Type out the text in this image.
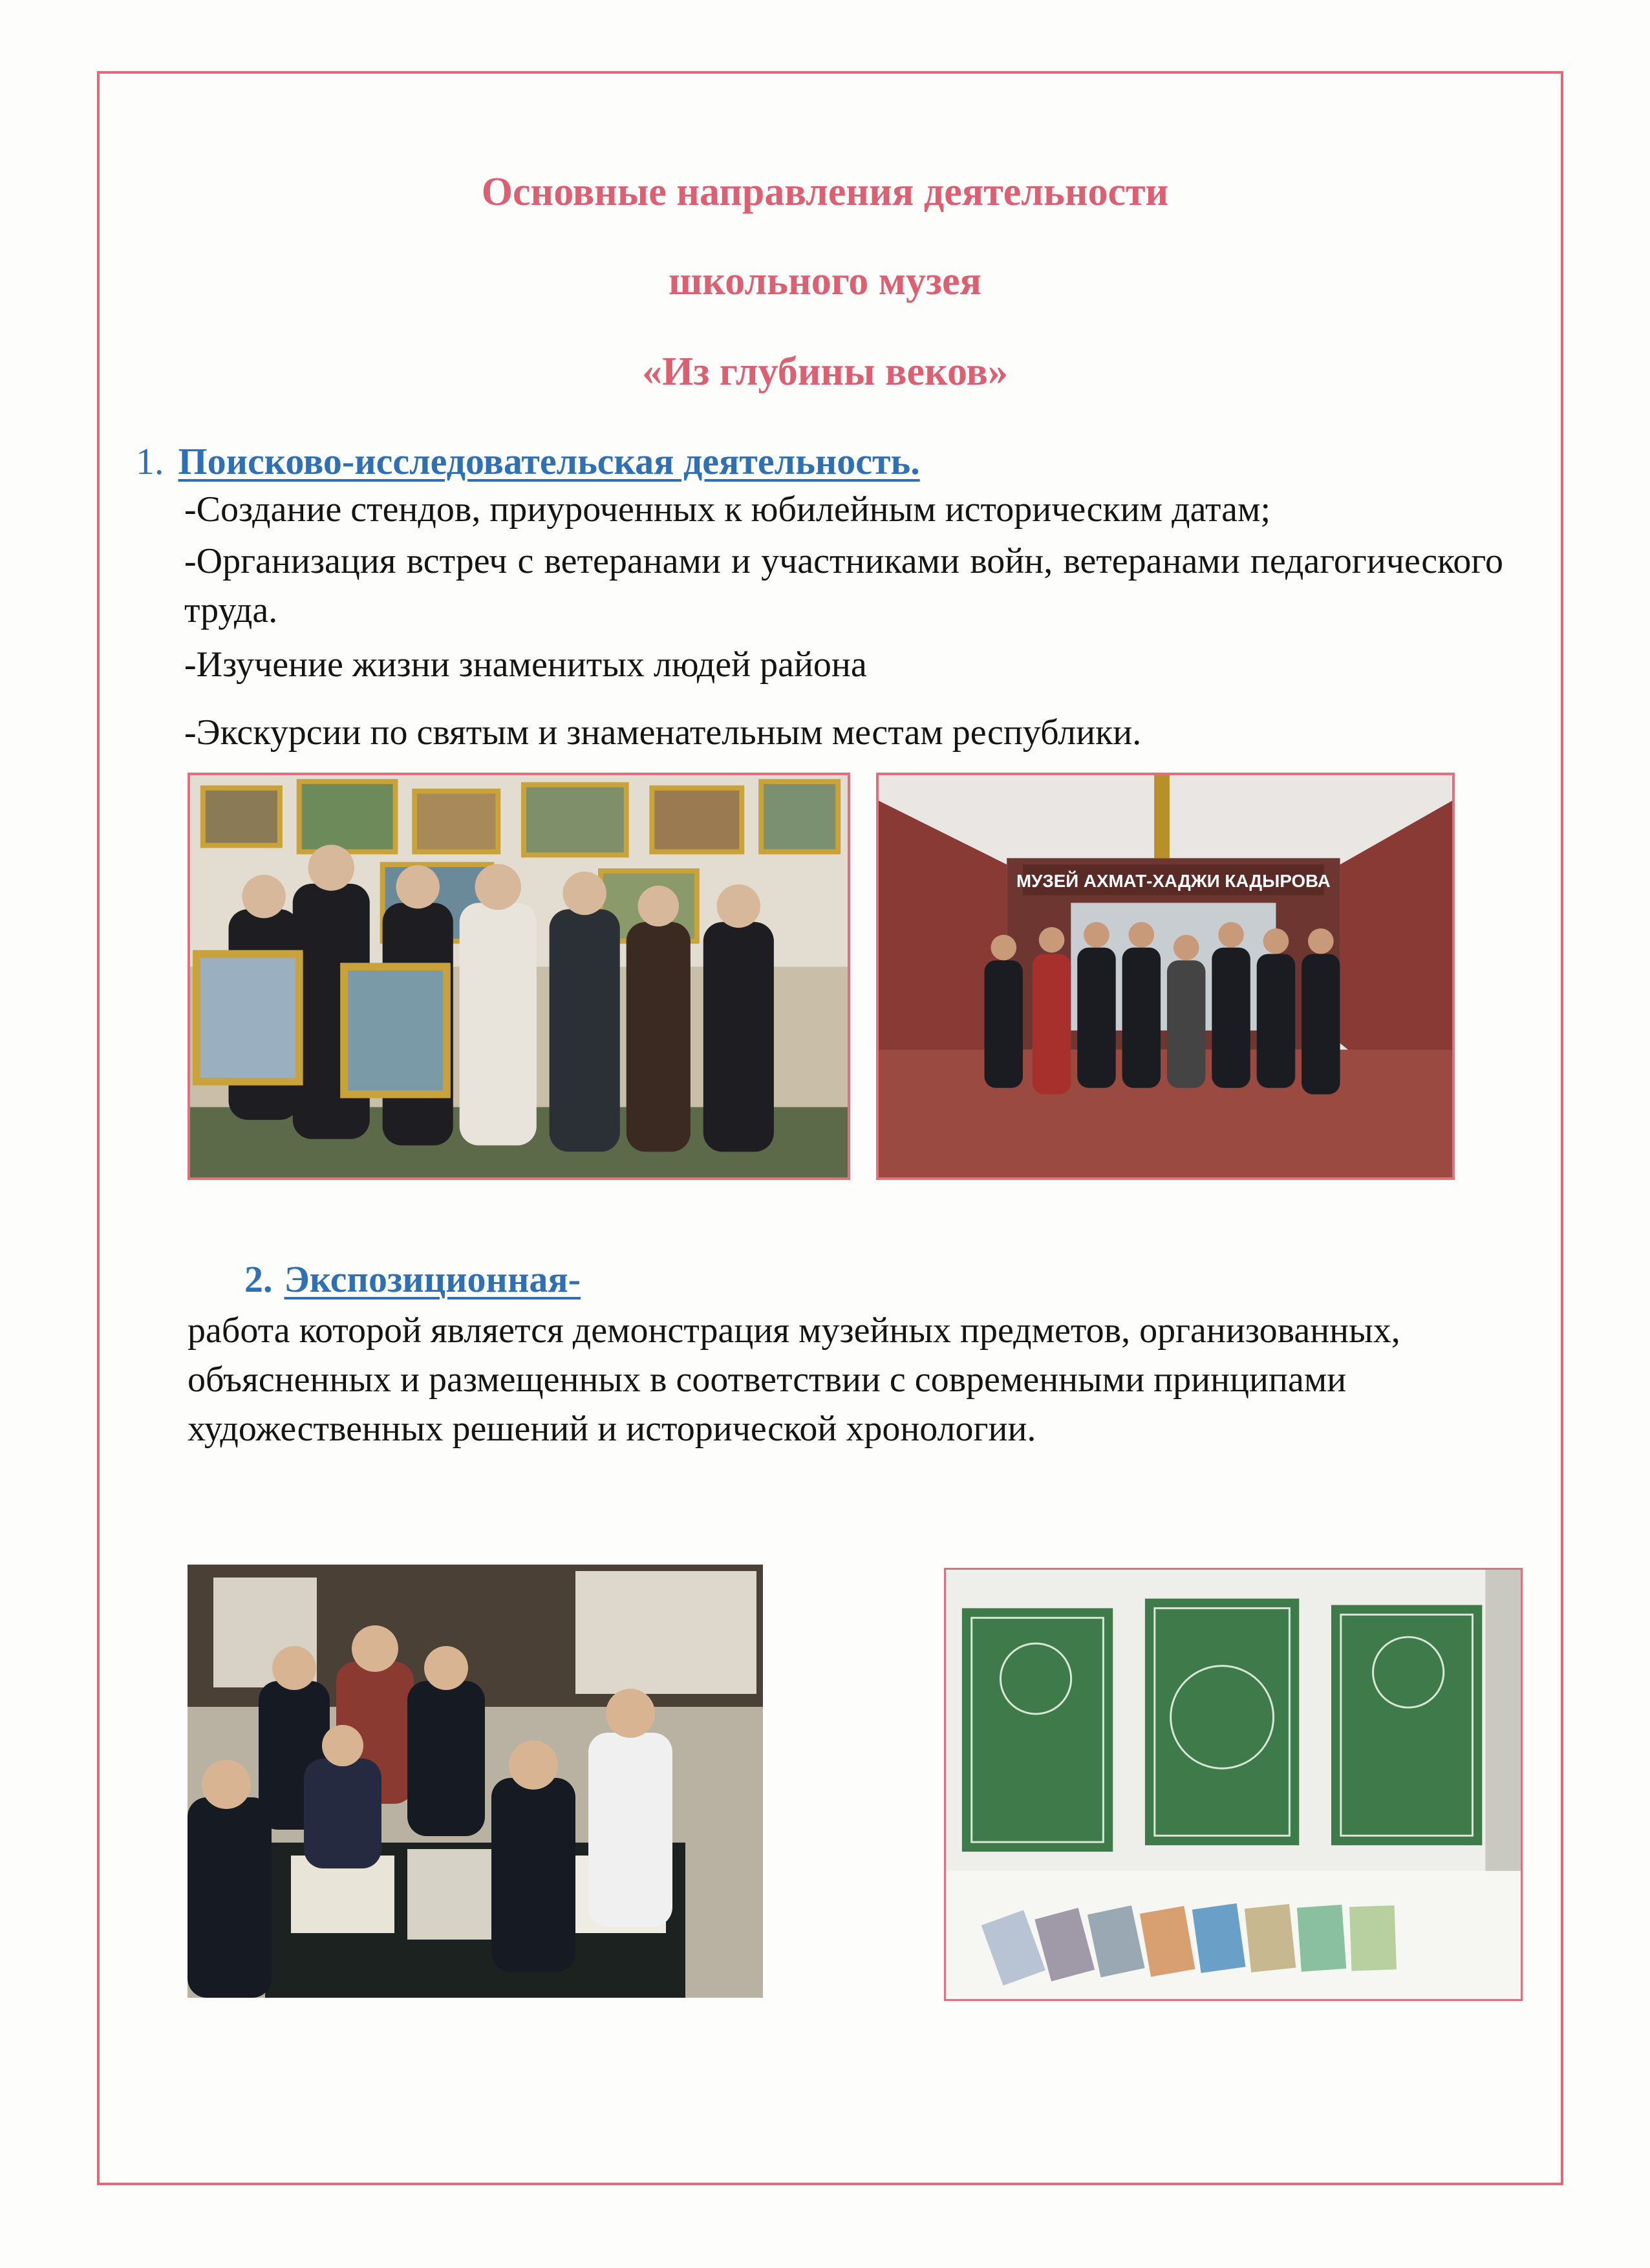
Основные направления деятельности
школьного музея
«Из глубины веков»
1. Поисково-исследовательская деятельность.

-Создание стендов, приуроченных к юбилейным историческим датам;

-Организация встреч с ветеранами и участниками войн, ветеранами педагогического труда.

-Изучение жизни знаменитых людей района

-Экскурсии по святым и знаменательным местам республики.

МУЗЕЙ АХМАТ-ХАДЖИ КАДЫРОВА
2. Экспозиционная-

работа которой является демонстрация музейных предметов, организованных, объясненных и размещенных в соответствии с современными принципами художественных решений и исторической хронологии.
